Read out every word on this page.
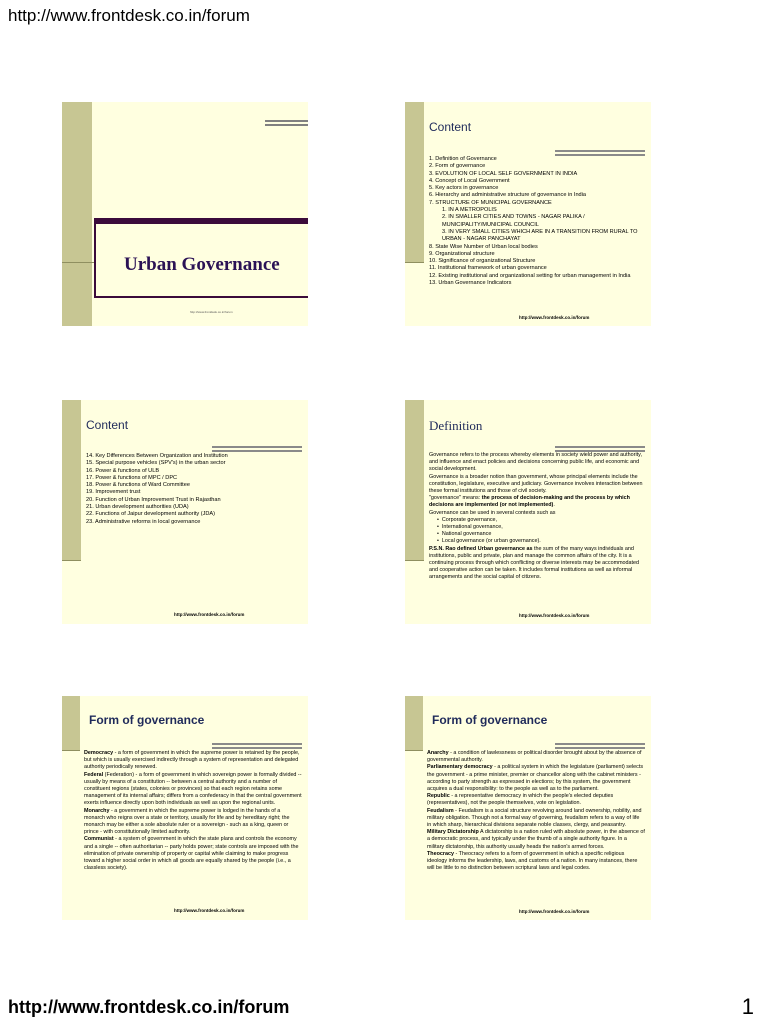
http://www.frontdesk.co.in/forum
Urban Governance
http://www.frontdesk.co.in/forum
Content
1. Definition of Governance
2. Form of governance
3. EVOLUTION OF LOCAL SELF GOVERNMENT IN INDIA
4. Concept of Local Government
5. Key actors in governance
6. Hierarchy and administrative structure of governance in India
7. STRUCTURE OF MUNICIPAL GOVERNANCE
1. IN A METROPOLIS
2. IN SMALLER CITIES AND TOWNS - NAGAR PALIKA / MUNICIPALITY/MUNICIPAL COUNCIL
3. IN VERY SMALL CITIES WHICH ARE IN A TRANSITION FROM RURAL TO URBAN - NAGAR PANCHAYAT
8. State Wise Number of Urban local bodies
9. Organizational structure
10. Significance of organizational Structure
11. Institutional framework of urban governance
12. Existing institutional and organizational setting for urban management in India
13. Urban Governance Indicators
http://www.frontdesk.co.in/forum
Content
14. Key Differences Between Organization and Institution
15. Special purpose vehicles (SPV's) in the urban sector
16. Power & functions of ULB
17. Power & functions of MPC / DPC
18. Power & functions of Ward Committee
19. Improvement trust
20. Function of Urban Improvement Trust in Rajasthan
21. Urban development authorities (UDA)
22. Functions of Jaipur development authority (JDA)
23. Administrative reforms in local governance
http://www.frontdesk.co.in/forum
Definition
Governance refers to the process whereby elements in society wield power and authority, and influence and enact policies and decisions concerning public life, and economic and social development.
Governance is a broader notion than government, whose principal elements include the constitution, legislature, executive and judiciary. Governance involves interaction between these formal institutions and those of civil society.
"governance" means: the process of decision-making and the process by which decisions are implemented (or not implemented).
Governance can be used in several contexts such as
•  Corporate governance,
•  International governance,
•  National governance
•  Local governance (or urban governance).
P.S.N. Rao defined Urban governance as the sum of the many ways individuals and institutions, public and private, plan and manage the common affairs of the city. It is a continuing process through which conflicting or diverse interests may be accommodated and cooperative action can be taken. It includes formal institutions as well as informal arrangements and the social capital of citizens.
http://www.frontdesk.co.in/forum
Form of governance
Democracy - a form of government in which the supreme power is retained by the people, but which is usually exercised indirectly through a system of representation and delegated authority periodically renewed.
Federal (Federation) - a form of government in which sovereign power is formally divided -- usually by means of a constitution -- between a central authority and a number of constituent regions (states, colonies or provinces) so that each region retains some management of its internal affairs; differs from a confederacy in that the central government exerts influence directly upon both individuals as well as upon the regional units.
Monarchy - a government in which the supreme power is lodged in the hands of a monarch who reigns over a state or territory, usually for life and by hereditary right; the monarch may be either a sole absolute ruler or a sovereign - such as a king, queen or prince - with constitutionally limited authority.
Communist - a system of government in which the state plans and controls the economy and a single -- often authoritarian -- party holds power; state controls are imposed with the elimination of private ownership of property or capital while claiming to make progress toward a higher social order in which all goods are equally shared by the people (i.e., a classless society).
http://www.frontdesk.co.in/forum
Form of governance
Anarchy - a condition of lawlessness or political disorder brought about by the absence of governmental authority.
Parliamentary democracy - a political system in which the legislature (parliament) selects the government - a prime minister, premier or chancellor along with the cabinet ministers - according to party strength as expressed in elections; by this system, the government acquires a dual responsibility: to the people as well as to the parliament.
Republic - a representative democracy in which the people's elected deputies (representatives), not the people themselves, vote on legislation.
Feudalism - Feudalism is a social structure revolving around land ownership, nobility, and military obligation. Though not a formal way of governing, feudalism refers to a way of life in which sharp, hierarchical divisions separate noble classes, clergy, and peasantry.
Military Dictatorship A dictatorship is a nation ruled with absolute power, in the absence of a democratic process, and typically under the thumb of a single authority figure. In a military dictatorship, this authority usually heads the nation's armed forces.
Theocracy - Theocracy refers to a form of government in which a specific religious ideology informs the leadership, laws, and customs of a nation. In many instances, there will be little to no distinction between scriptural laws and legal codes.
http://www.frontdesk.co.in/forum
http://www.frontdesk.co.in/forum	1
